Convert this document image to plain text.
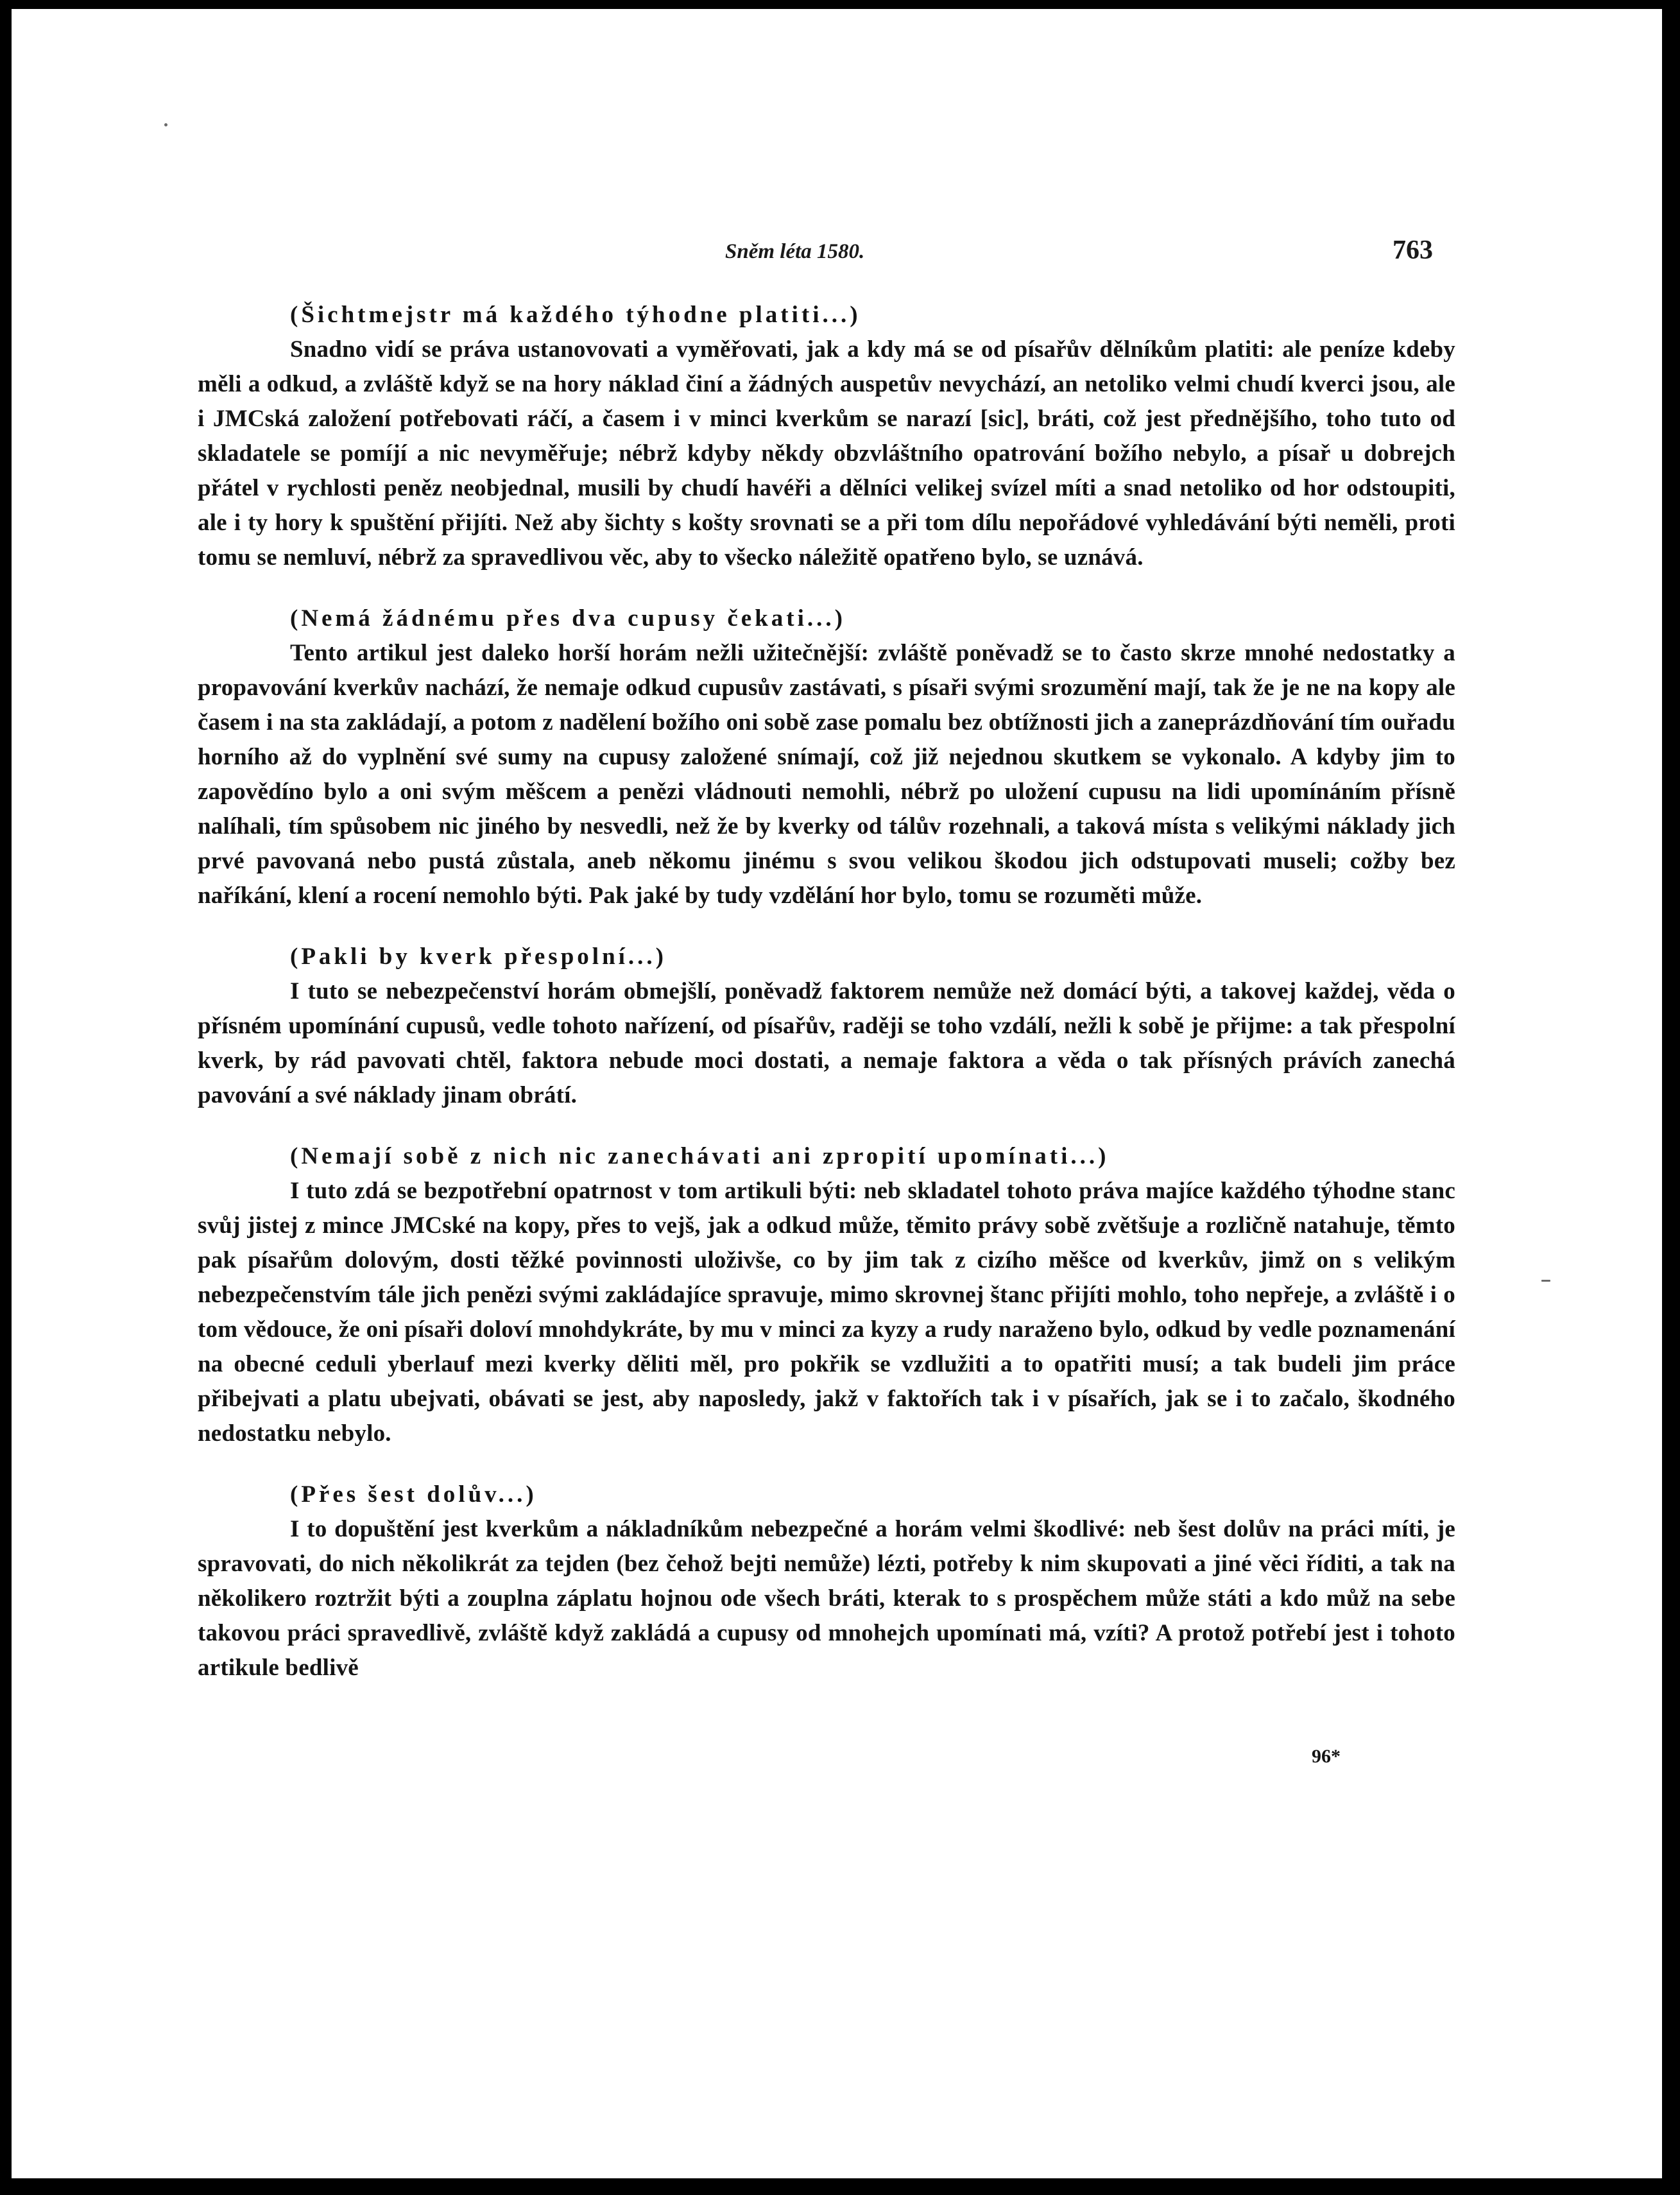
Sněm léta 1580.	763
(Šichtmejstr má každého týhodne platiti...)

Snadno vidí se práva ustanovovati a vyměřovati, jak a kdy má se od písařův dělníkům platiti: ale peníze kdeby měli a odkud, a zvláště když se na hory náklad činí a žádných auspetův nevychází, an netoliko velmi chudí kverci jsou, ale i JMCská založení potřebovati ráčí, a časem i v minci kverkům se narazí [sic], bráti, což jest přednějšího, toho tuto od skladatele se pomíjí a nic nevyměřuje; nébrž kdyby někdy obzvláštního opatrování božího nebylo, a písař u dobrejch přátel v rychlosti peněz neobjednal, musili by chudí havéři a dělníci velikej svízel míti a snad netoliko od hor odstoupiti, ale i ty hory k spuštění přijíti. Než aby šichty s košty srovnati se a při tom dílu nepořádové vyhledávání býti neměli, proti tomu se nemluví, nébrž za spravedlivou věc, aby to všecko náležitě opatřeno bylo, se uznává.

(Nemá žádnému přes dva cupusy čekati...)

Tento artikul jest daleko horší horám nežli užitečnější: zvláště poněvadž se to často skrze mnohé nedostatky a propavování kverkův nachází, že nemaje odkud cupusův zastávati, s písaři svými srozumění mají, tak že je ne na kopy ale časem i na sta zakládají, a potom z nadělení božího oni sobě zase pomalu bez obtížnosti jich a zaneprázdňování tím ouřadu horního až do vyplnění své sumy na cupusy založené snímají, což již nejednou skutkem se vykonalo. A kdyby jim to zapovědíno bylo a oni svým měšcem a penězi vládnouti nemohli, nébrž po uložení cupusu na lidi upomínáním přísně nalíhali, tím spůsobem nic jiného by nesvedli, než že by kverky od tálův rozehnali, a taková místa s velikými náklady jich prvé pavovaná nebo pustá zůstala, aneb někomu jinému s svou velikou škodou jich odstupovati museli; cožby bez naříkání, klení a rocení nemohlo býti. Pak jaké by tudy vzdělání hor bylo, tomu se rozuměti může.

(Pakli by kverk přespolní...)

I tuto se nebezpečenství horám obmejšlí, poněvadž faktorem nemůže než domácí býti, a takovej každej, věda o přísném upomínání cupusů, vedle tohoto nařízení, od písařův, raději se toho vzdálí, nežli k sobě je přijme: a tak přespolní kverk, by rád pavovati chtěl, faktora nebude moci dostati, a nemaje faktora a věda o tak přísných právích zanechá pavování a své náklady jinam obrátí.

(Nemají sobě z nich nic zanechávati ani zpropití upomínati...)

I tuto zdá se bezpotřební opatrnost v tom artikuli býti: neb skladatel tohoto práva majíce každého týhodne stanc svůj jistej z mince JMCské na kopy, přes to vejš, jak a odkud může, těmito právy sobě zvětšuje a rozličně natahuje, těmto pak písařům dolovým, dosti těžké povinnosti uloživše, co by jim tak z cizího měšce od kverkův, jimž on s velikým nebezpečenstvím tále jich penězi svými zakládajíce spravuje, mimo skrovnej štanc přijíti mohlo, toho nepřeje, a zvláště i o tom vědouce, že oni písaři doloví mnohdykráte, by mu v minci za kyzy a rudy naraženo bylo, odkud by vedle poznamenání na obecné ceduli yberlauf mezi kverky děliti měl, pro pokřik se vzdlužiti a to opatřiti musí; a tak budeli jim práce přibejvati a platu ubejvati, obávati se jest, aby naposledy, jakž v faktořích tak i v písařích, jak se i to začalo, škodného nedostatku nebylo.

(Přes šest dolův...)

I to dopuštění jest kverkům a nákladníkům nebezpečné a horám velmi škodlivé: neb šest dolův na práci míti, je spravovati, do nich několikrát za tejden (bez čehož bejti nemůže) lézti, potřeby k nim skupovati a jiné věci říditi, a tak na několikero roztržit býti a zouplna záplatu hojnou ode všech bráti, kterak to s prospěchem může státi a kdo můž na sebe takovou práci spravedlivě, zvláště když zakládá a cupusy od mnohejch upomínati má, vzíti? A protož potřebí jest i tohoto artikule bedlivě

96*
